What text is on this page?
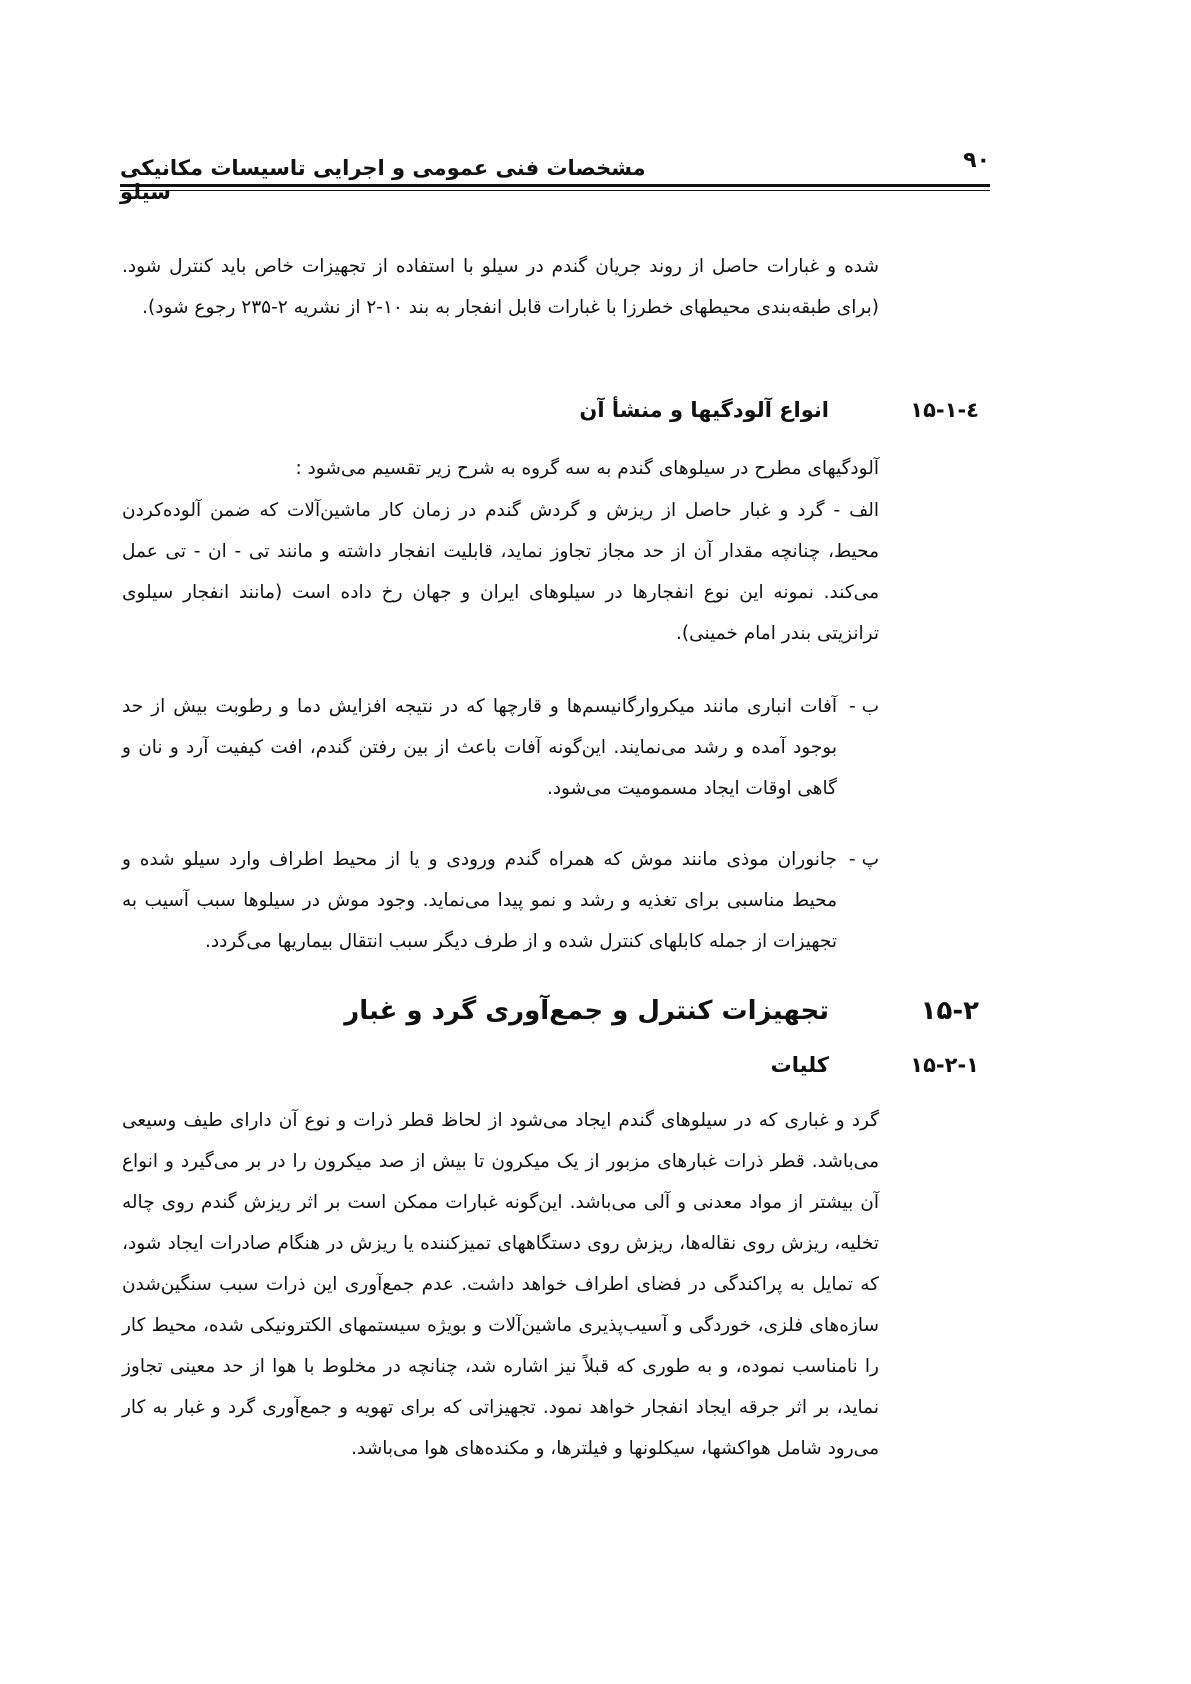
مشخصات فنی عمومی و اجرایی تاسیسات مکانیکی سیلو
۹۰
شده و غبارات حاصل از روند جریان گندم در سیلو با استفاده از تجهیزات خاص باید کنترل شود. (برای طبقه‌بندی محیطهای خطرزا با غبارات قابل انفجار به بند ۱۰-۲ از نشریه ۲-۲۳۵ رجوع شود).
۱۵-۱-٤
انواع آلودگیها و منشأ آن
آلودگیهای مطرح در سیلوهای گندم به سه گروه به شرح زیر تقسیم می‌شود :
الف - گرد و غبار حاصل از ریزش و گردش گندم در زمان کار ماشین‌آلات که ضمن آلوده‌کردن محیط، چنانچه مقدار آن از حد مجاز تجاوز نماید، قابلیت انفجار داشته و مانند تی - ان - تی عمل می‌کند. نمونه این نوع انفجارها در سیلوهای ایران و جهان رخ داده است (مانند انفجار سیلوی ترانزیتی بندر امام خمینی).
ب -
آفات انباری مانند میکروارگانیسم‌ها و قارچها که در نتیجه افزایش دما و رطوبت بیش از حد بوجود آمده و رشد می‌نمایند. این‌گونه آفات باعث از بین رفتن گندم، افت کیفیت آرد و نان و گاهی اوقات ایجاد مسمومیت می‌شود.
پ -
جانوران موذی مانند موش که همراه گندم ورودی و یا از محیط اطراف وارد سیلو شده و محیط مناسبی برای تغذیه و رشد و نمو پیدا می‌نماید. وجود موش در سیلوها سبب آسیب به تجهیزات از جمله کابلهای کنترل شده و از طرف دیگر سبب انتقال بیماریها می‌گردد.
۱۵-۲
تجهیزات کنترل و جمع‌آوری گرد و غبار
۱۵-۲-۱
کلیات
گرد و غباری که در سیلوهای گندم ایجاد می‌شود از لحاظ قطر ذرات و نوع آن دارای طیف وسیعی می‌باشد. قطر ذرات غبارهای مزبور از یک میکرون تا بیش از صد میکرون را در بر می‌گیرد و انواع آن بیشتر از مواد معدنی و آلی می‌باشد. این‌گونه غبارات ممکن است بر اثر ریزش گندم روی چاله تخلیه، ریزش روی نقاله‌ها، ریزش روی دستگاههای تمیزکننده یا ریزش در هنگام صادرات ایجاد شود، که تمایل به پراکندگی در فضای اطراف خواهد داشت. عدم جمع‌آوری این ذرات سبب سنگین‌شدن سازه‌های فلزی، خوردگی و آسیب‌پذیری ماشین‌آلات و بویژه سیستمهای الکترونیکی شده، محیط کار را نامناسب نموده، و به طوری که قبلاً نیز اشاره شد، چنانچه در مخلوط با هوا از حد معینی تجاوز نماید، بر اثر جرقه ایجاد انفجار خواهد نمود. تجهیزاتی که برای تهویه و جمع‌آوری گرد و غبار به کار می‌رود شامل هواکشها، سیکلونها و فیلترها، و مکنده‌های هوا می‌باشد.
